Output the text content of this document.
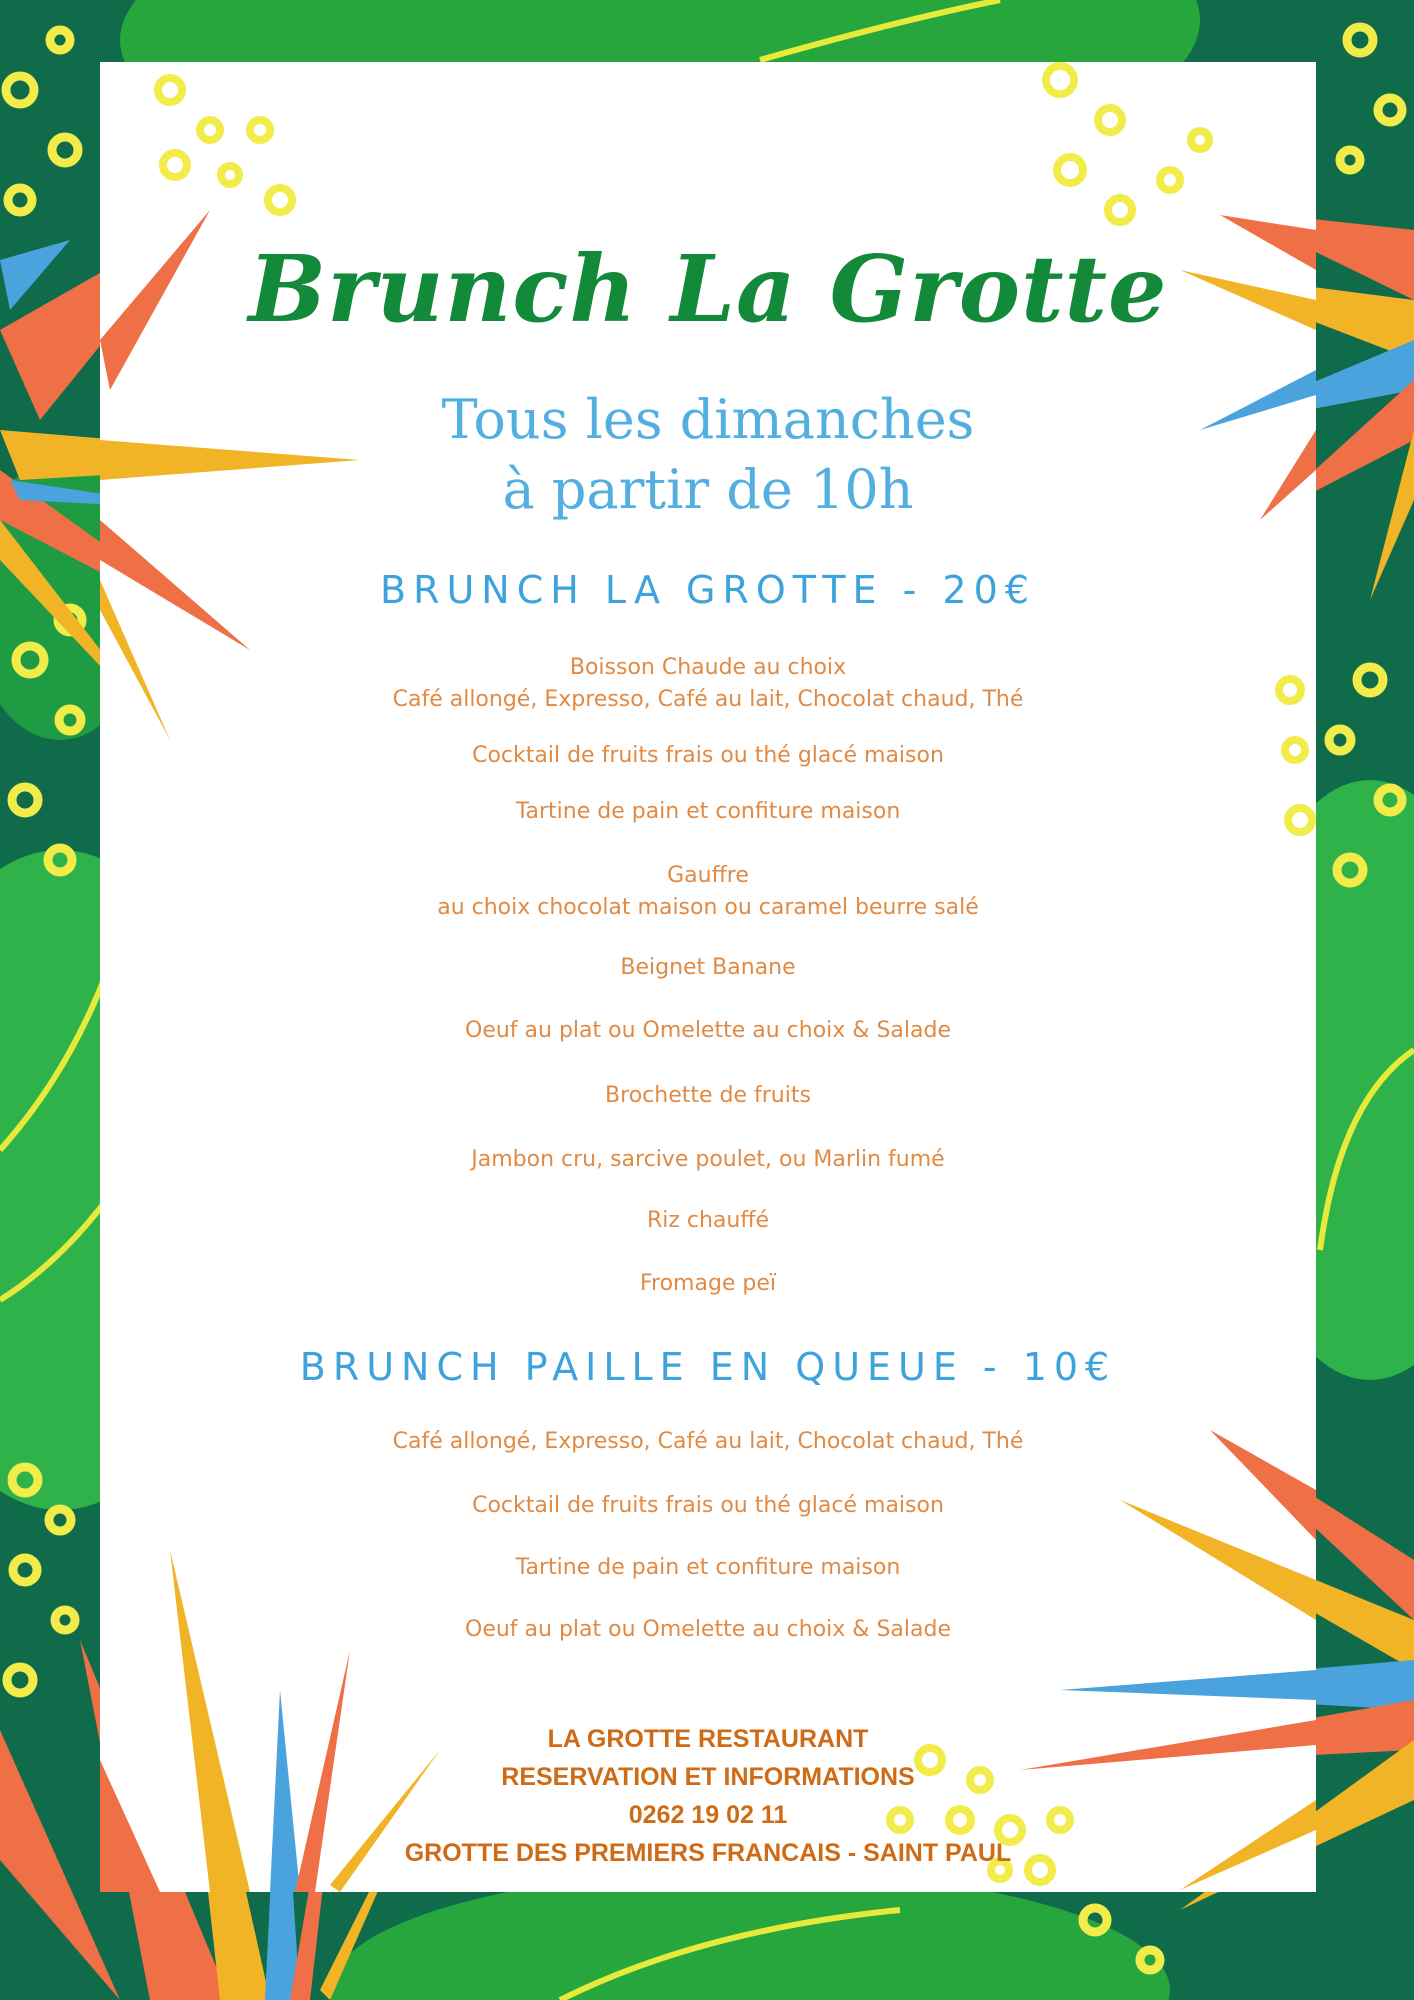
Brunch La Grotte
Tous les dimanches
à partir de 10h
BRUNCH LA GROTTE - 20€
Boisson Chaude au choix
Café allongé, Expresso, Café au lait, Chocolat chaud, Thé
Cocktail de fruits frais ou thé glacé maison
Tartine de pain et confiture maison
Gauffre
au choix chocolat maison ou caramel beurre salé
Beignet Banane
Oeuf au plat ou Omelette au choix & Salade
Brochette de fruits
Jambon cru, sarcive poulet, ou Marlin fumé
Riz chauffé
Fromage peï
BRUNCH PAILLE EN QUEUE - 10€
Café allongé, Expresso, Café au lait, Chocolat chaud, Thé
Cocktail de fruits frais ou thé glacé maison
Tartine de pain et confiture maison
Oeuf au plat ou Omelette au choix & Salade
LA GROTTE RESTAURANT
RESERVATION ET INFORMATIONS
0262 19 02 11
GROTTE DES PREMIERS FRANCAIS - SAINT PAUL
